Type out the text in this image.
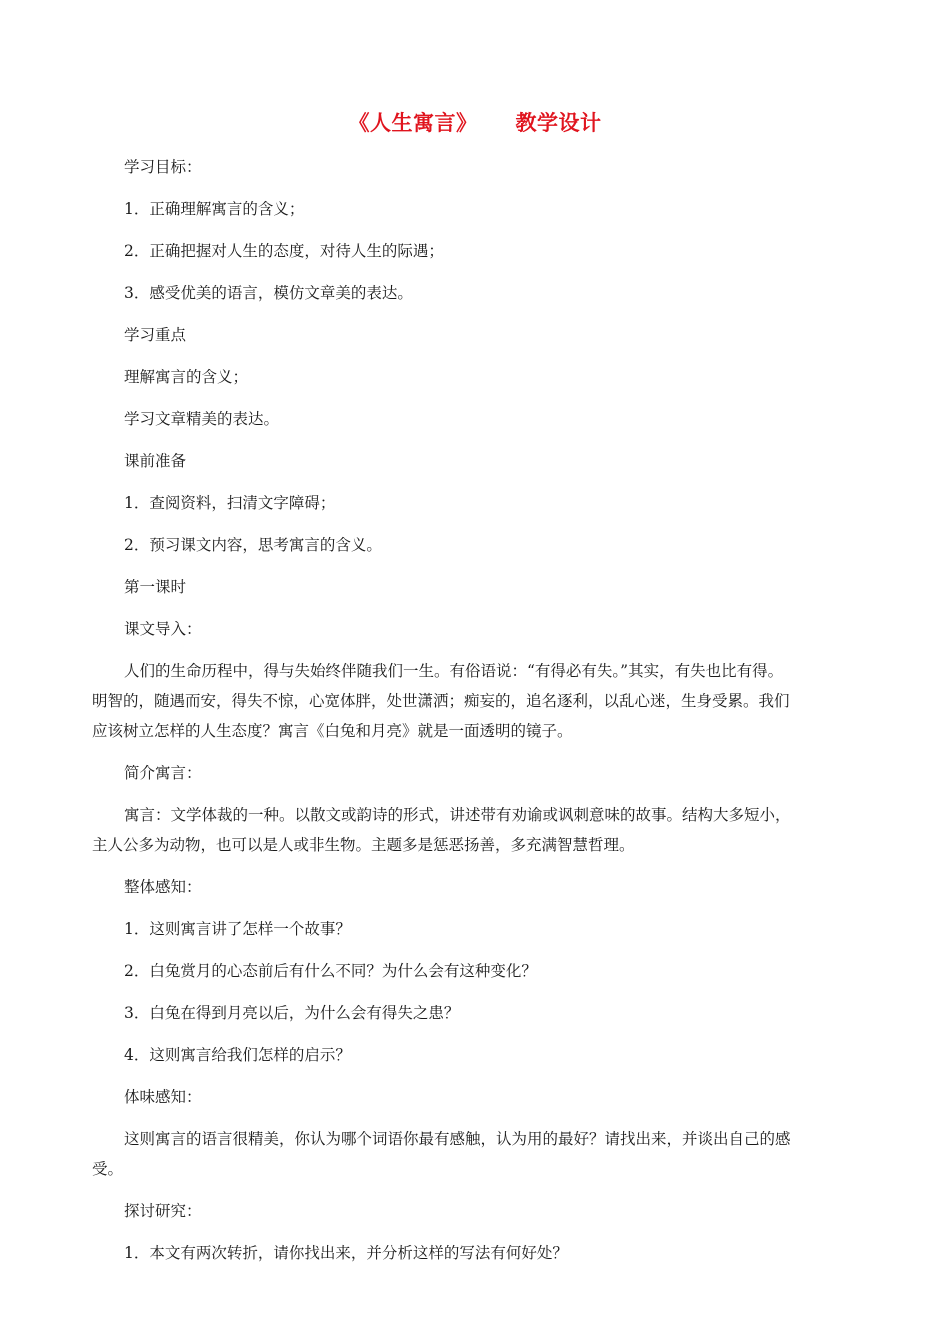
《人生寓言》 教学设计

学习目标：

1．正确理解寓言的含义；

2．正确把握对人生的态度，对待人生的际遇；

3．感受优美的语言，模仿文章美的表达。

学习重点

理解寓言的含义；

学习文章精美的表达。

课前准备

1．查阅资料，扫清文字障碍；

2．预习课文内容，思考寓言的含义。

第一课时

课文导入：

人们的生命历程中，得与失始终伴随我们一生。有俗语说：“有得必有失。”其实，有失也比有得。

明智的，随遇而安，得失不惊，心宽体胖，处世潇洒；痴妄的，追名逐利，以乱心迷，生身受累。我们

应该树立怎样的人生态度？寓言《白兔和月亮》就是一面透明的镜子。

简介寓言：

寓言：文学体裁的一种。以散文或韵诗的形式，讲述带有劝谕或讽刺意味的故事。结构大多短小，

主人公多为动物，也可以是人或非生物。主题多是惩恶扬善，多充满智慧哲理。

整体感知：

1．这则寓言讲了怎样一个故事？

2．白兔赏月的心态前后有什么不同？为什么会有这种变化？

3．白兔在得到月亮以后，为什么会有得失之患？

4．这则寓言给我们怎样的启示？

体味感知：

这则寓言的语言很精美，你认为哪个词语你最有感触，认为用的最好？请找出来，并谈出自己的感

受。

探讨研究：

1．本文有两次转折，请你找出来，并分析这样的写法有何好处？
